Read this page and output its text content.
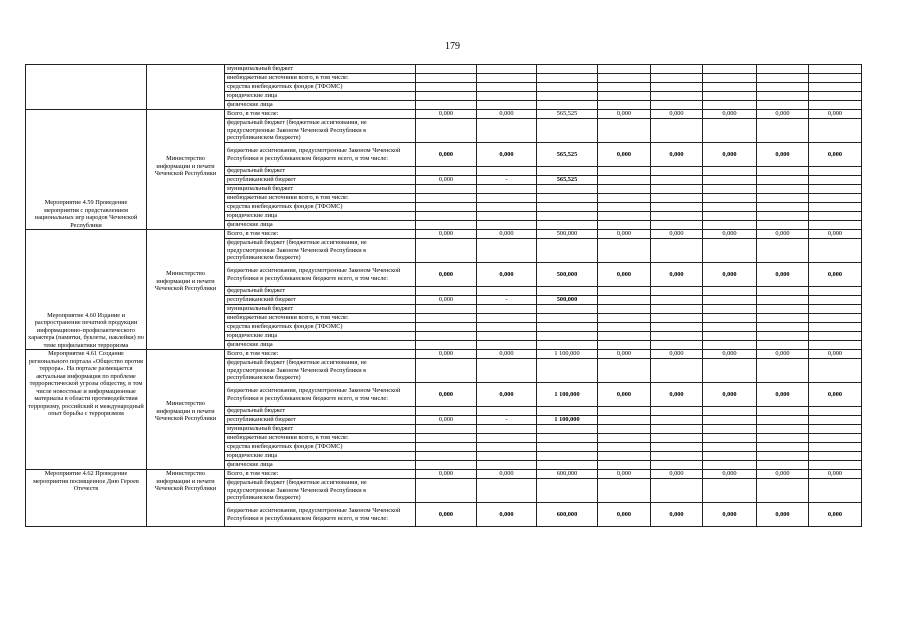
179
		муниципальный бюджет								
		внебюджетные источники всего, в том числе:								
		средства внебюджетных фондов (ТФОМС)								
		юридические лица								
		физические лица								
Мероприятие 4.59 Проведение мероприятия с представлением национальных игр народов Чеченской Республики	Министерство информации и печати Чеченской Республики	Всего, в том числе:	0,000	0,000	565,525	0,000	0,000	0,000	0,000	0,000
		федеральный бюджет (бюджетные ассигнования, не предусмотренные Законом Чеченской Республики в республиканском бюджете)								
		бюджетные ассигнования, предусмотренные Законом Чеченской Республики в республиканском бюджете всего, в том числе:	0,000	0,000	565,525	0,000	0,000	0,000	0,000	0,000
		федеральный бюджет								
		республиканский бюджет	0,000	-	565,525					
		муниципальный бюджет								
		внебюджетные источники всего, в том числе:								
		средства внебюджетных фондов (ТФОМС)								
		юридические лица								
		физические лица								
Мероприятие 4.60 Издание и распространение печатной продукции информационно-профилактического характера (памятки, буклеты, наклейки) по теме профилактики терроризма	Министерство информации и печати Чеченской Республики	Всего, в том числе:	0,000	0,000	500,000	0,000	0,000	0,000	0,000	0,000
		федеральный бюджет (бюджетные ассигнования, не предусмотренные Законом Чеченской Республики в республиканском бюджете)								
		бюджетные ассигнования, предусмотренные Законом Чеченской Республики в республиканском бюджете всего, в том числе:	0,000	0,000	500,000	0,000	0,000	0,000	0,000	0,000
		федеральный бюджет								
		республиканский бюджет	0,000	-	500,000					
		муниципальный бюджет								
		внебюджетные источники всего, в том числе:								
		средства внебюджетных фондов (ТФОМС)								
		юридические лица								
		физические лица								
Мероприятие 4.61 Создание регионального портала «Общество против террора». На портале размещается актуальная информация по проблеме террористической угрозы обществу, в том числе новостные и информационные материалы в области противодействия терроризму, российский и международный опыт борьбы с терроризмом	Министерство информации и печати Чеченской Республики	Всего, в том числе:	0,000	0,000	1 100,000	0,000	0,000	0,000	0,000	0,000
		федеральный бюджет (бюджетные ассигнования, не предусмотренные Законом Чеченской Республики в республиканском бюджете)								
		бюджетные ассигнования, предусмотренные Законом Чеченской Республики в республиканском бюджете всего, в том числе:	0,000	0,000	1 100,000	0,000	0,000	0,000	0,000	0,000
		федеральный бюджет								
		республиканский бюджет	0,000	-	1 100,000					
		муниципальный бюджет								
		внебюджетные источники всего, в том числе:								
		средства внебюджетных фондов (ТФОМС)								
		юридические лица								
		физические лица								
Мероприятие 4.62 Проведение мероприятия посвященное Дню Героев Отечеств	Министерство информации и печати Чеченской Республики	Всего, в том числе:	0,000	0,000	600,000	0,000	0,000	0,000	0,000	0,000
		федеральный бюджет (бюджетные ассигнования, не предусмотренные Законом Чеченской Республики в республиканском бюджете)								
		бюджетные ассигнования, предусмотренные Законом Чеченской Республики в республиканском бюджете всего, в том числе:	0,000	0,000	600,000	0,000	0,000	0,000	0,000	0,000
